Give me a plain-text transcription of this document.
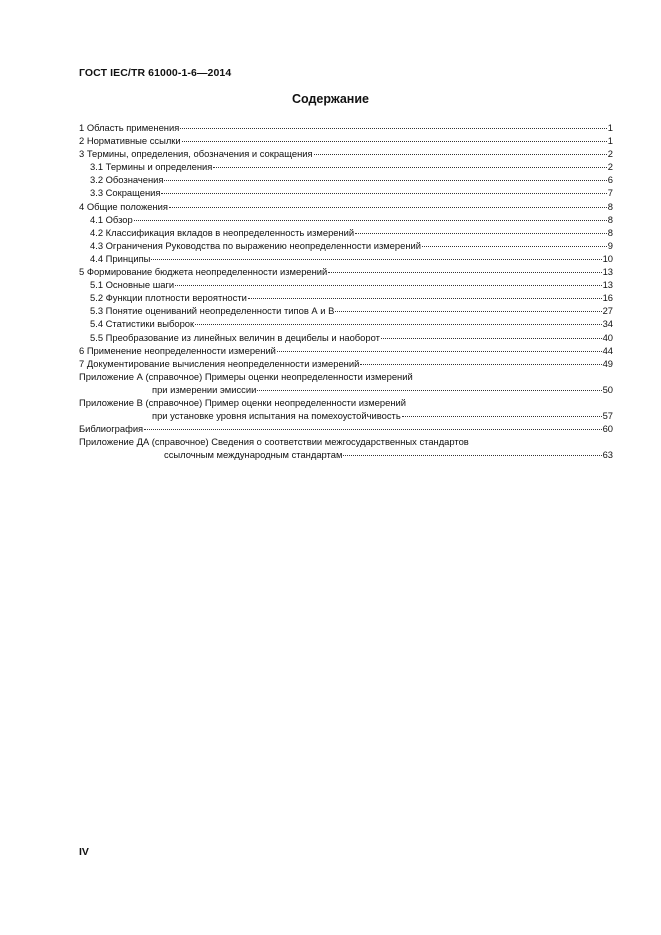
ГОСТ IEC/TR 61000-1-6—2014
Содержание
1 Область применения	1
2 Нормативные ссылки	1
3 Термины, определения, обозначения и сокращения	2
3.1 Термины и определения	2
3.2 Обозначения	6
3.3 Сокращения	7
4 Общие положения	8
4.1 Обзор	8
4.2 Классификация вкладов в неопределенность измерений	8
4.3 Ограничения Руководства по выражению неопределенности измерений	9
4.4 Принципы	10
5 Формирование бюджета неопределенности измерений	13
5.1 Основные шаги	13
5.2 Функции плотности вероятности	16
5.3 Понятие оцениваний неопределенности типов А и В	27
5.4 Статистики выборок	34
5.5 Преобразование из линейных величин в децибелы и наоборот	40
6 Применение неопределенности измерений	44
7 Документирование вычисления неопределенности измерений	49
Приложение А (справочное) Примеры оценки неопределенности измерений
при измерении эмиссии	50
Приложение В (справочное) Пример оценки неопределенности измерений
при установке уровня испытания на помехоустойчивость	57
Библиография	60
Приложение ДА (справочное) Сведения о соответствии межгосударственных стандартов
ссылочным международным стандартам	63
IV
